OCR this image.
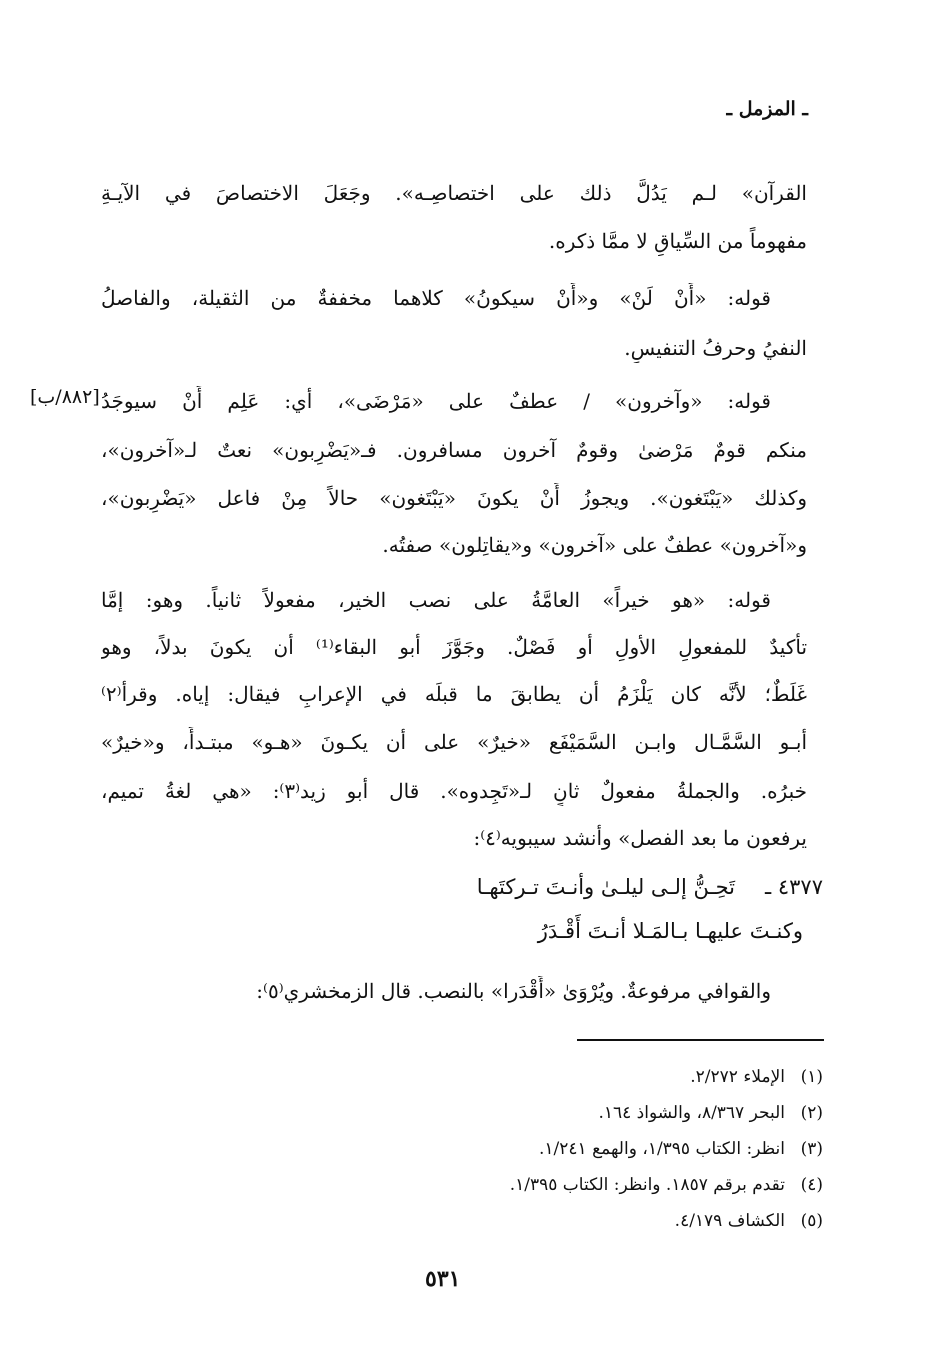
ـ المزمل ـ
[٨٨٢/ب]
القرآن» لـم يَدُلَّ ذلك على اختصاصِـه». وجَعَلَ الاختصاصَ في الآيـةِ
مفهوماً من السِّياقِ لا ممَّا ذكره.
قوله: «أَنْ لَنْ» و«أَنْ سيكونُ» كلاهما مخففةٌ من الثقيلة، والفاصلُ
النفيُ وحرفُ التنفيسِ.
قوله: «وآخرون» / عطفٌ على «مَرْضَى»، أي: عَلِم أَنْ سيوجَدُ
منكم قومٌ مَرْضىٰ وقومٌ آخرون مسافرون. فـ«يَضْرِبون» نعتٌ لـ«آخرون»،
وكذلك «يَبْتَغون». ويجوزُ أَنْ يكونَ «يَبْتَغون» حالاً مِنْ فاعل «يَضْرِبون»،
و«آخرون» عطفٌ على «آخرون» و«يقاتِلون» صفتُه.
قوله: «هو خيراً» العامَّةُ على نصب الخير، مفعولاً ثانياً. وهو: إمَّا
تأكيدٌ للمفعولِ الأولِ أو فَصْلٌ. وجَوَّزَ أبو البقاء⁽¹⁾ أن يكونَ بدلاً، وهو
غَلَطٌ؛ لأنَّه كان يَلْزَمُ أن يطابقَ ما قبلَه في الإعرابِ فيقال: إياه. وقرأ⁽٢⁾
أبـو السَّمَّـال وابـن السَّمَيْفَع «خيرٌ» على أن يكـونَ «هـو» مبتـدأً، و«خيرٌ»
خبرُه. والجملةُ مفعولٌ ثانٍ لـ«تَجِدوه». قال أبو زيد⁽٣⁾: «هي لغةُ تميم،
يرفعون ما بعد الفصل» وأنشد سيبويه⁽٤⁾:
٤٣٧٧ ـ
تَحِـنُّ إلـى ليلـىٰ وأنـتَ تـركتَهـا
وكنـتَ عليهـا بـالمَـلا أنـتَ أَقْـدَرُ
والقوافي مرفوعةٌ. ويُرْوَىٰ «أَقْدَرا» بالنصب. قال الزمخشري⁽٥⁾:
(١)الإملاء ٢/٢٧٢.
(٢)البحر ٨/٣٦٧، والشواذ ١٦٤.
(٣)انظر: الكتاب ١/٣٩٥، والهمع ١/٢٤١.
(٤)تقدم برقم ١٨٥٧. وانظر: الكتاب ١/٣٩٥.
(٥)الكشاف ٤/١٧٩.
٥٣١
